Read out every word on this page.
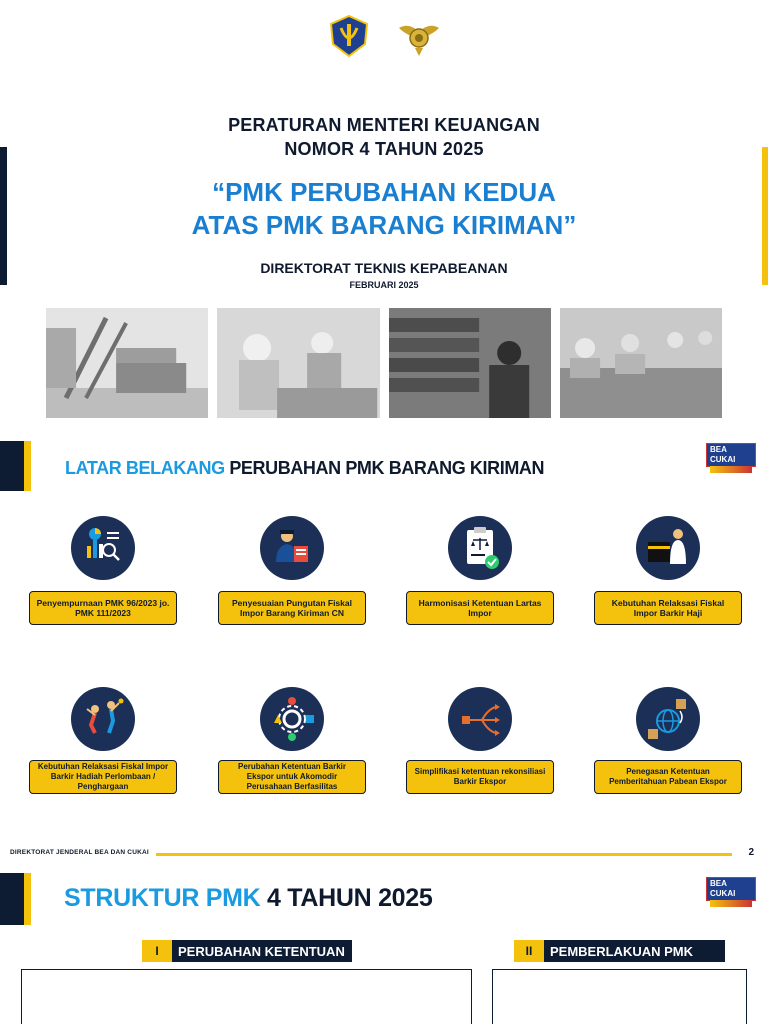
PERATURAN MENTERI KEUANGAN
NOMOR 4 TAHUN 2025
“PMK PERUBAHAN KEDUA
ATAS PMK BARANG KIRIMAN”
DIREKTORAT TEKNIS KEPABEANAN
FEBRUARI 2025
LATAR BELAKANG PERUBAHAN PMK BARANG KIRIMAN
BEA CUKAI
Penyempurnaan PMK 96/2023 jo. PMK 111/2023
Penyesuaian Pungutan Fiskal Impor Barang Kiriman CN
Harmonisasi Ketentuan Lartas Impor
Kebutuhan Relaksasi Fiskal Impor Barkir Haji
Kebutuhan Relaksasi Fiskal Impor Barkir Hadiah Perlombaan / Penghargaan
Perubahan Ketentuan Barkir Ekspor untuk Akomodir Perusahaan Berfasilitas
Simplifikasi ketentuan rekonsiliasi Barkir Ekspor
Penegasan Ketentuan Pemberitahuan Pabean Ekspor
DIREKTORAT JENDERAL BEA DAN CUKAI	2
STRUKTUR PMK 4 TAHUN 2025
BEA CUKAI
I	PERUBAHAN KETENTUAN	II	PEMBERLAKUAN PMK
